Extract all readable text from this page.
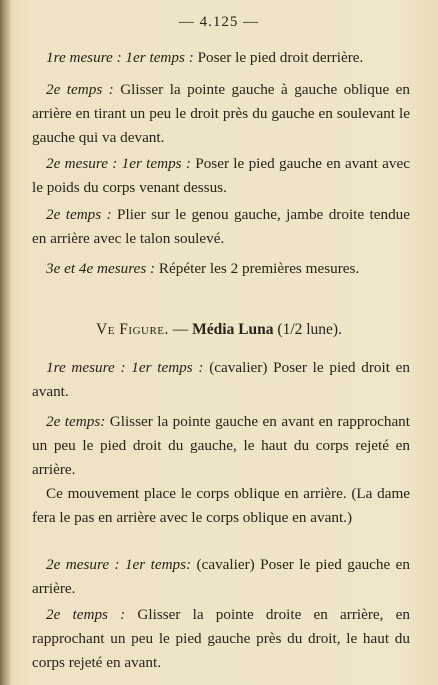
— 4.125 —
1re mesure : 1er temps : Poser le pied droit derrière.
2e temps : Glisser la pointe gauche à gauche oblique en arrière en tirant un peu le droit près du gauche en soulevant le gauche qui va devant.
2e mesure : 1er temps : Poser le pied gauche en avant avec le poids du corps venant dessus.
2e temps : Plier sur le genou gauche, jambe droite tendue en arrière avec le talon soulevé.
3e et 4e mesures : Répéter les 2 premières mesures.
Ve Figure. — Média Luna (1/2 lune).
1re mesure : 1er temps : (cavalier) Poser le pied droit en avant.
2e temps: Glisser la pointe gauche en avant en rapprochant un peu le pied droit du gauche, le haut du corps rejeté en arrière.
Ce mouvement place le corps oblique en arrière. (La dame fera le pas en arrière avec le corps oblique en avant.)
2e mesure : 1er temps: (cavalier) Poser le pied gauche en arrière.
2e temps : Glisser la pointe droite en arrière, en rapprochant un peu le pied gauche près du droit, le haut du corps rejeté en avant.
